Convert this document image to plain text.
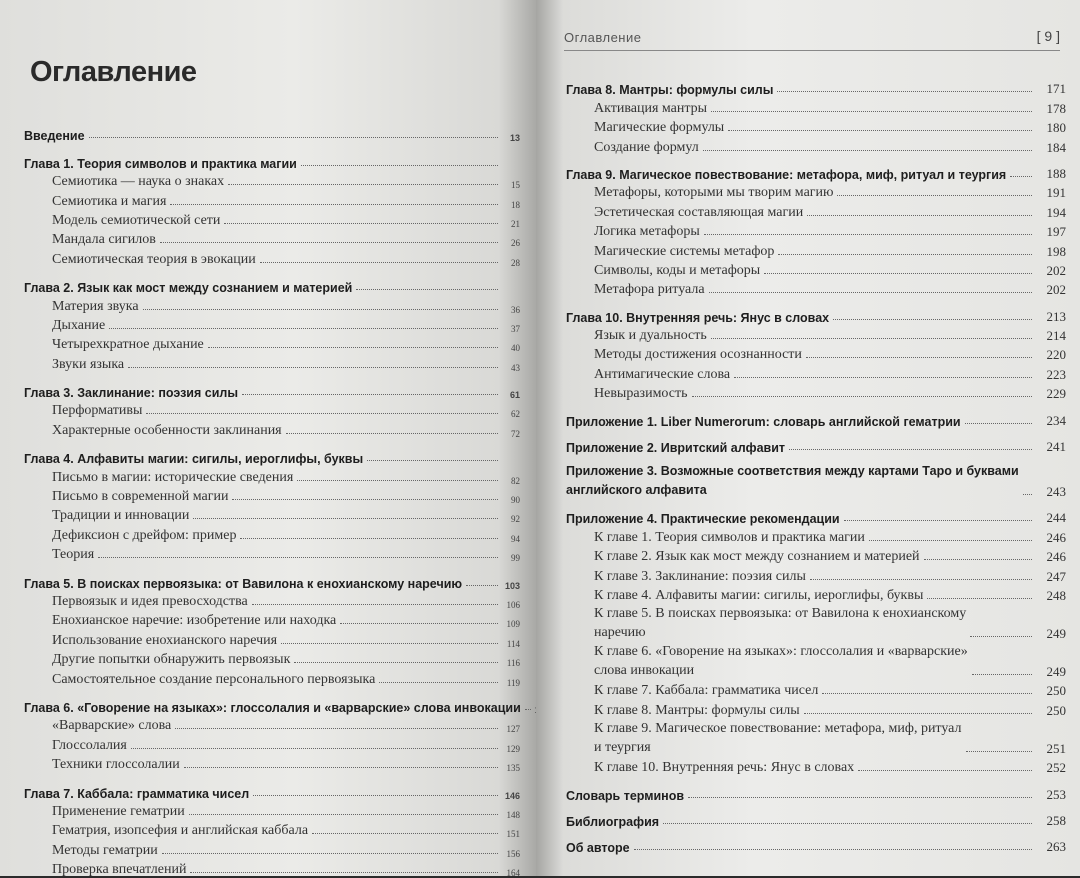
Оглавление
Введение	13
Глава 1. Теория символов и практика магии
Семиотика — наука о знаках	15
Семиотика и магия	18
Модель семиотической сети	21
Мандала сигилов	26
Семиотическая теория в эвокации	28
Глава 2. Язык как мост между сознанием и материей
Материя звука	36
Дыхание	37
Четырехкратное дыхание	40
Звуки языка	43
Глава 3. Заклинание: поэзия силы	61
Перформативы	62
Характерные особенности заклинания	72
Глава 4. Алфавиты магии: сигилы, иероглифы, буквы
Письмо в магии: исторические сведения	82
Письмо в современной магии	90
Традиции и инновации	92
Дефиксион с дрейфом: пример	94
Теория	99
Глава 5. В поисках первоязыка: от Вавилона к енохианскому наречию	103
Первоязык и идея превосходства	106
Енохианское наречие: изобретение или находка	109
Использование енохианского наречия	114
Другие попытки обнаружить первоязык	116
Самостоятельное создание персонального первоязыка	119
Глава 6. «Говорение на языках»: глоссолалия и «варварские» слова инвокации
«Варварские» слова	127
Глоссолалия	129
Техники глоссолалии	135
Глава 7. Каббала: грамматика чисел	146
Применение гематрии	148
Гематрия, изопсефия и английская каббала	151
Методы гематрии	156
Проверка впечатлений	164
Оглавление	[ 9 ]
Глава 8. Мантры: формулы силы	171
Активация мантры	178
Магические формулы	180
Создание формул	184
Глава 9. Магическое повествование: метафора, миф, ритуал и теургия	188
Метафоры, которыми мы творим магию	191
Эстетическая составляющая магии	194
Логика метафоры	197
Магические системы метафор	198
Символы, коды и метафоры	202
Метафора ритуала	202
Глава 10. Внутренняя речь: Янус в словах	213
Язык и дуальность	214
Методы достижения осознанности	220
Антимагические слова	223
Невыразимость	229
Приложение 1. Liber Numerorum: словарь английской гематрии	234
Приложение 2. Ивритский алфавит	241
Приложение 3. Возможные соответствия между картами Таро и буквами
английского алфавита	243
Приложение 4. Практические рекомендации	244
К главе 1. Теория символов и практика магии	246
К главе 2. Язык как мост между сознанием и материей	246
К главе 3. Заклинание: поэзия силы	247
К главе 4. Алфавиты магии: сигилы, иероглифы, буквы	248
К главе 5. В поисках первоязыка: от Вавилона к енохианскому
наречию	249
К главе 6. «Говорение на языках»: глоссолалия и «варварские»
слова инвокации	249
К главе 7. Каббала: грамматика чисел	250
К главе 8. Мантры: формулы силы	250
К главе 9. Магическое повествование: метафора, миф, ритуал
и теургия	251
К главе 10. Внутренняя речь: Янус в словах	252
Словарь терминов	253
Библиография	258
Об авторе	263
